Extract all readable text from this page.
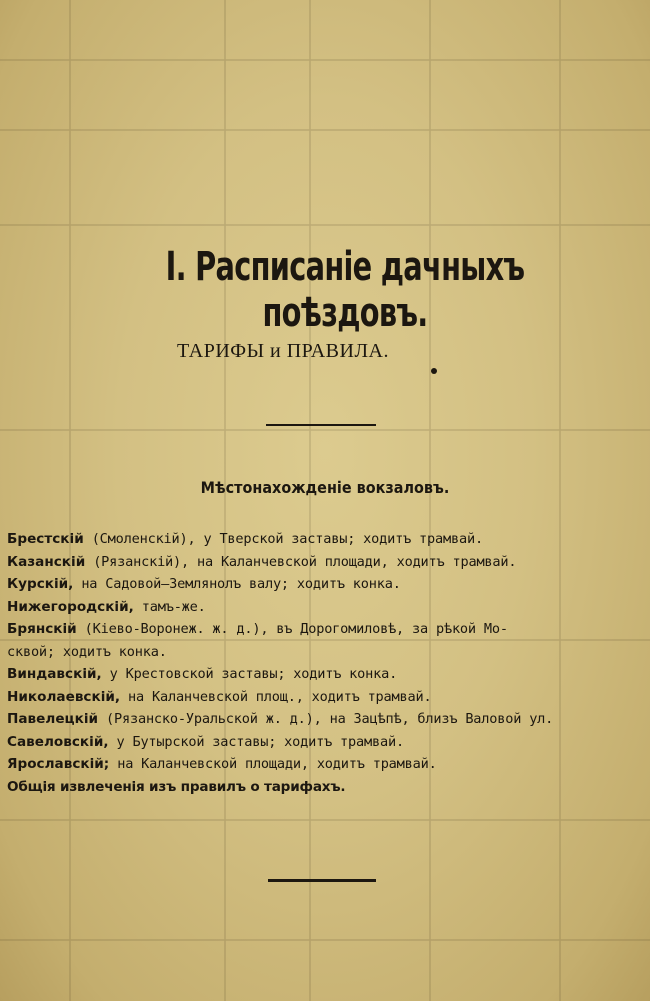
I. Расписаніе дачныхъ поѣздовъ.
ТАРИФЫ и ПРАВИЛА.
Мѣстонахожденіе вокзаловъ.
Брестскій (Смоленскій), у Тверской заставы; ходитъ трамвай.
Казанскій (Рязанскій), на Каланчевской площади, ходитъ трамвай.
Курскій, на Садовой—Землянолъ валу; ходитъ конка.
Нижегородскій, тамъ-же.
Брянскій (Кіево-Воронеж. ж. д.), въ Дорогомиловѣ, за рѣкой Мо-
сквой; ходитъ конка.
Виндавскій, у Крестовской заставы; ходитъ конка.
Николаевскій, на Каланчевской площ., ходитъ трамвай.
Павелецкій (Рязанско-Уральской ж. д.), на Зацѣпѣ, близъ Валовой ул.
Савеловскій, у Бутырской заставы; ходитъ трамвай.
Ярославскій; на Каланчевской площади, ходитъ трамвай.
Общія извлеченія изъ правилъ о тарифахъ.
